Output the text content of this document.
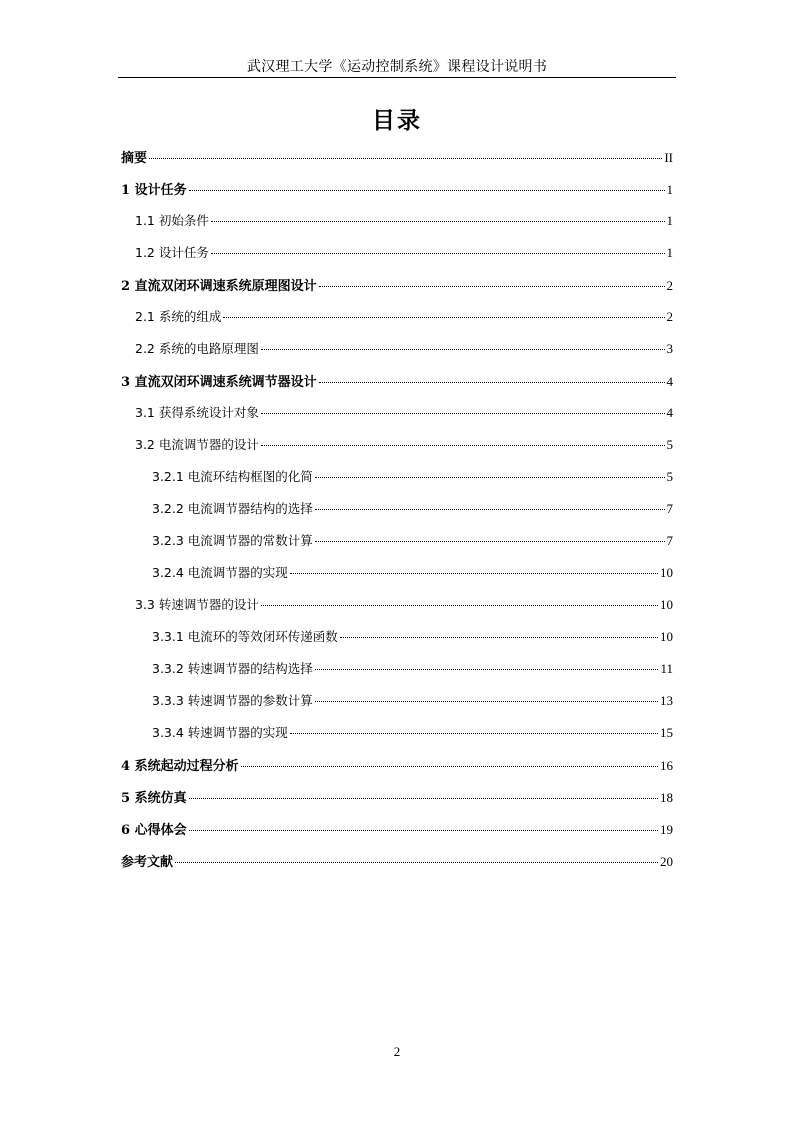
武汉理工大学《运动控制系统》课程设计说明书
目录
摘要	II
1 设计任务	1
1.1 初始条件	1
1.2 设计任务	1
2 直流双闭环调速系统原理图设计	2
2.1 系统的组成	2
2.2 系统的电路原理图	3
3 直流双闭环调速系统调节器设计	4
3.1 获得系统设计对象	4
3.2 电流调节器的设计	5
3.2.1 电流环结构框图的化简	5
3.2.2 电流调节器结构的选择	7
3.2.3 电流调节器的常数计算	7
3.2.4 电流调节器的实现	10
3.3 转速调节器的设计	10
3.3.1 电流环的等效闭环传递函数	10
3.3.2 转速调节器的结构选择	11
3.3.3 转速调节器的参数计算	13
3.3.4 转速调节器的实现	15
4 系统起动过程分析	16
5 系统仿真	18
6 心得体会	19
参考文献	20
2
